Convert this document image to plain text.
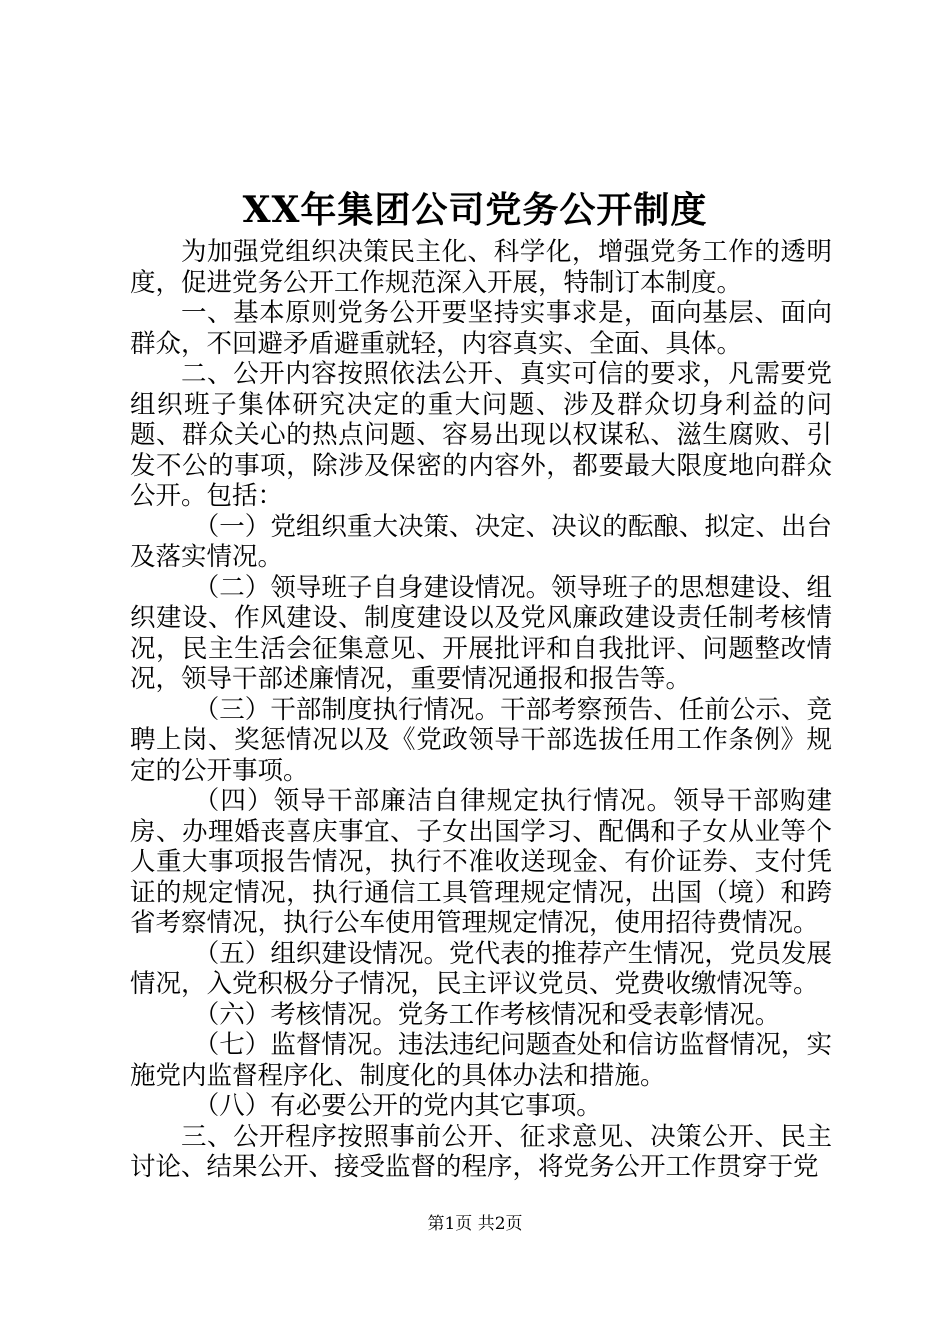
XX年集团公司党务公开制度

为加强党组织决策民主化、科学化，增强党务工作的透明度，促进党务公开工作规范深入开展，特制订本制度。

一、基本原则党务公开要坚持实事求是，面向基层、面向群众，不回避矛盾避重就轻，内容真实、全面、具体。

二、公开内容按照依法公开、真实可信的要求，凡需要党组织班子集体研究决定的重大问题、涉及群众切身利益的问题、群众关心的热点问题、容易出现以权谋私、滋生腐败、引发不公的事项，除涉及保密的内容外，都要最大限度地向群众公开。包括：

（一）党组织重大决策、决定、决议的酝酿、拟定、出台及落实情况。

（二）领导班子自身建设情况。领导班子的思想建设、组织建设、作风建设、制度建设以及党风廉政建设责任制考核情况，民主生活会征集意见、开展批评和自我批评、问题整改情况，领导干部述廉情况，重要情况通报和报告等。

（三）干部制度执行情况。干部考察预告、任前公示、竞聘上岗、奖惩情况以及《党政领导干部选拔任用工作条例》规定的公开事项。

（四）领导干部廉洁自律规定执行情况。领导干部购建房、办理婚丧喜庆事宜、子女出国学习、配偶和子女从业等个人重大事项报告情况，执行不准收送现金、有价证券、支付凭证的规定情况，执行通信工具管理规定情况，出国（境）和跨省考察情况，执行公车使用管理规定情况，使用招待费情况。

（五）组织建设情况。党代表的推荐产生情况，党员发展情况，入党积极分子情况，民主评议党员、党费收缴情况等。

（六）考核情况。党务工作考核情况和受表彰情况。

（七）监督情况。违法违纪问题查处和信访监督情况，实施党内监督程序化、制度化的具体办法和措施。

（八）有必要公开的党内其它事项。

三、公开程序按照事前公开、征求意见、决策公开、民主讨论、结果公开、接受监督的程序，将党务公开工作贯穿于党

第1页 共2页
